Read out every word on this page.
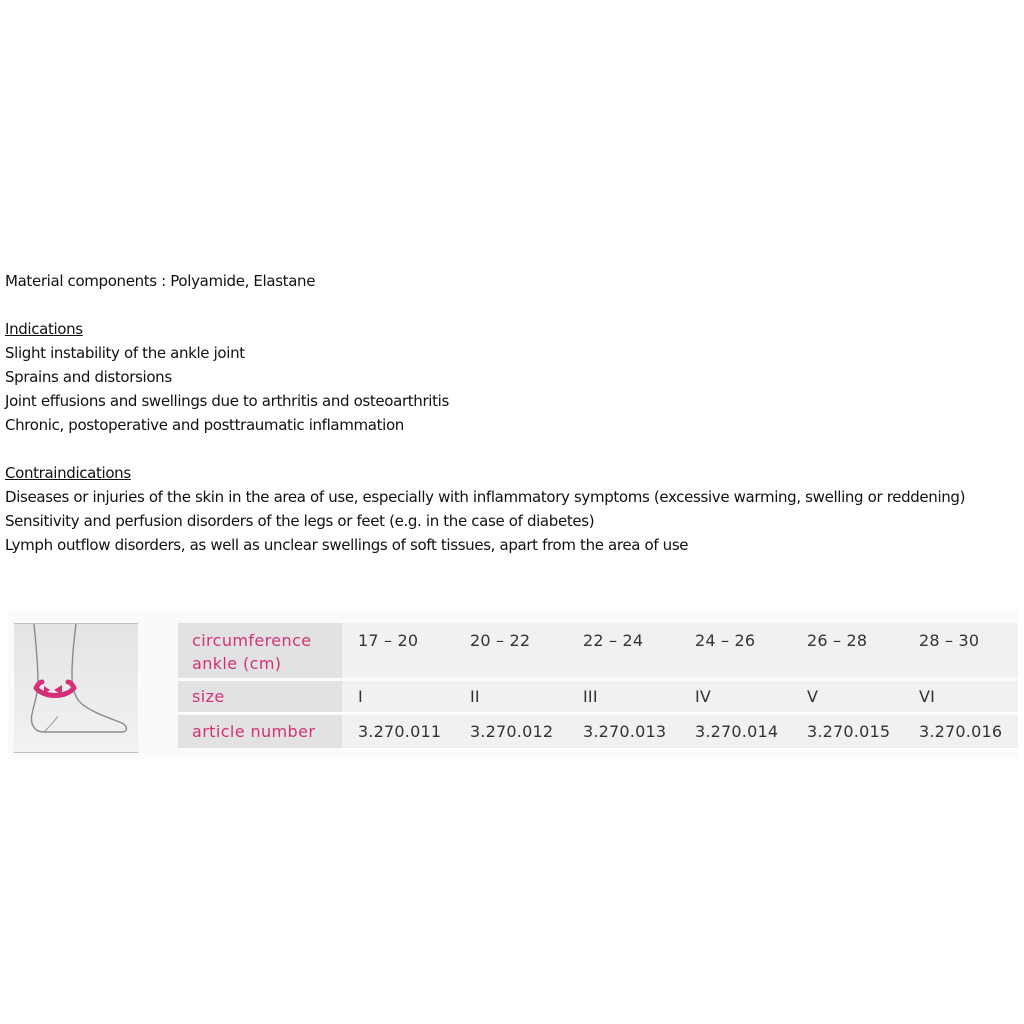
Material components : Polyamide, Elastane

Indications

Slight instability of the ankle joint

Sprains and distorsions

Joint effusions and swellings due to arthritis and osteoarthritis

Chronic, postoperative and posttraumatic inflammation

Contraindications

Diseases or injuries of the skin in the area of use, especially with inflammatory symptoms (excessive warming, swelling or reddening)

Sensitivity and perfusion disorders of the legs or feet (e.g. in the case of diabetes)

Lymph outflow disorders, as well as unclear swellings of soft tissues, apart from the area of use

circumference
ankle (cm)
17 – 20	20 – 22	22 – 24	24 – 26	26 – 28	28 – 30
size	I	II	III	IV	V	VI
article number	3.270.011 3.270.012 3.270.013 3.270.014 3.270.015 3.270.016
